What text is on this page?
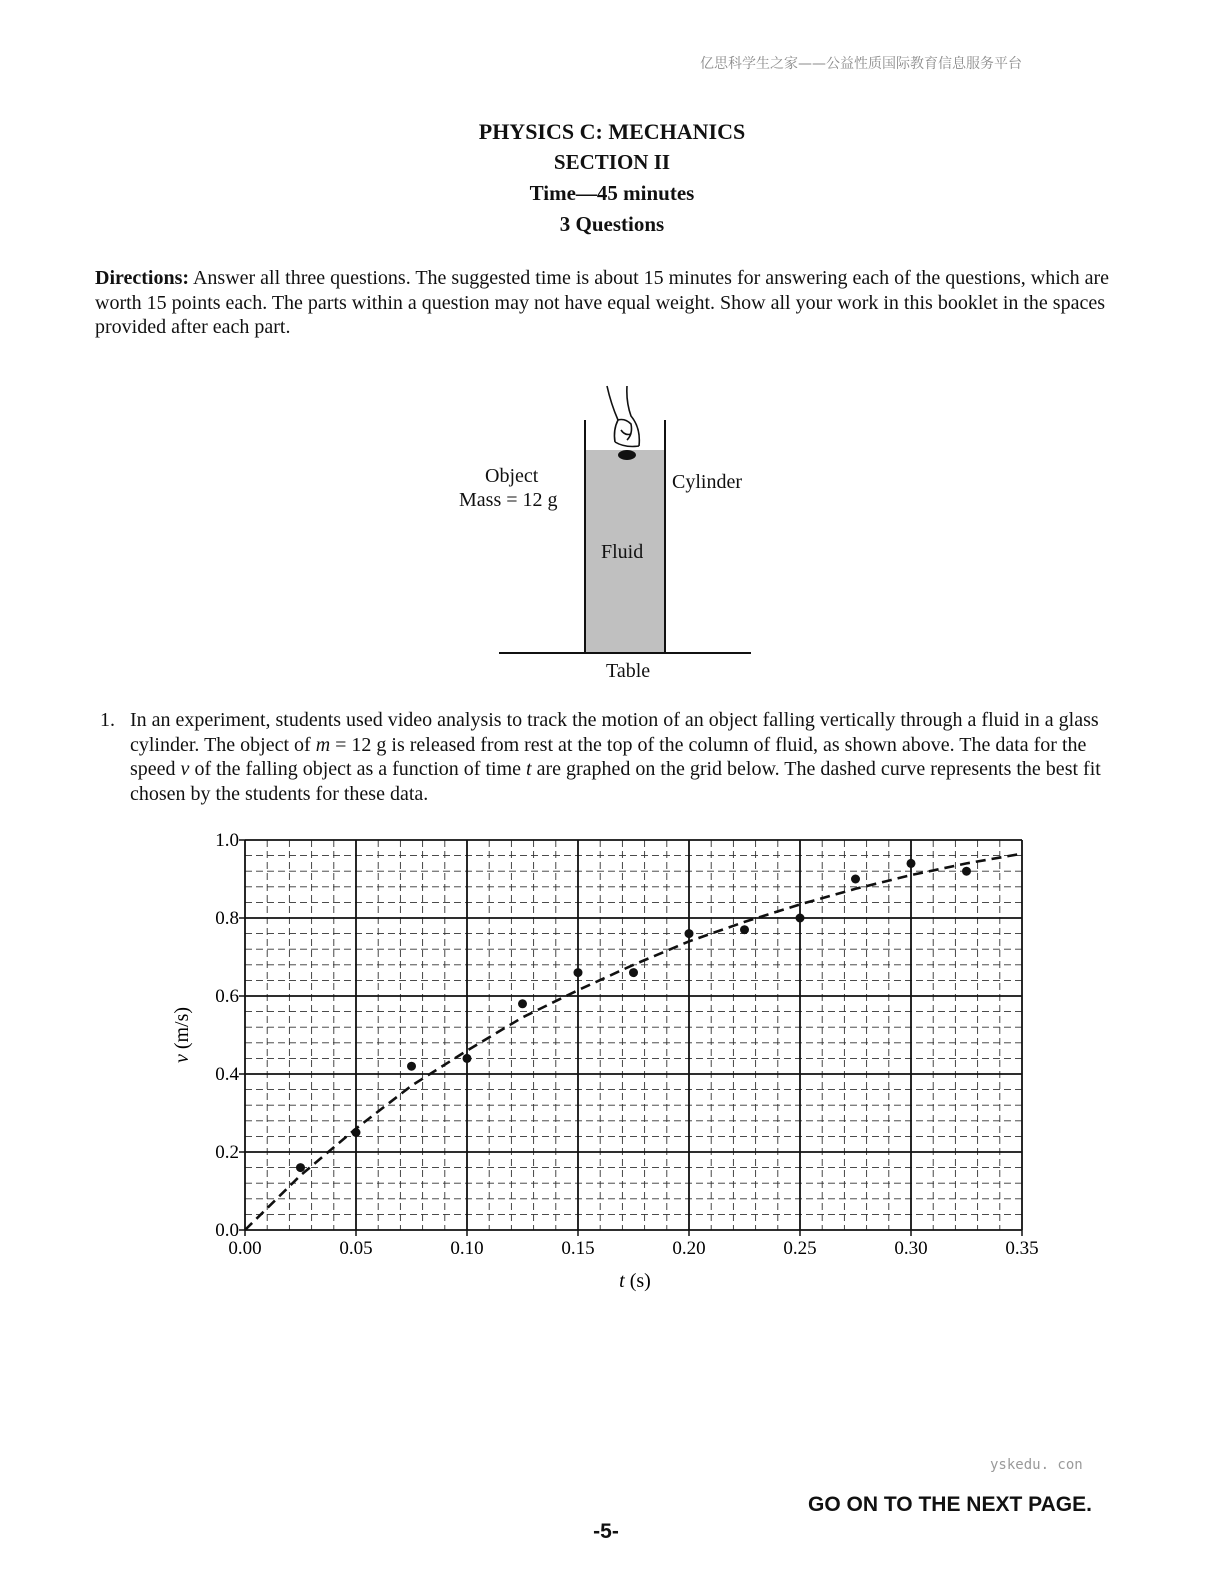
亿思科学生之家——公益性质国际教育信息服务平台
PHYSICS C: MECHANICS
SECTION II
Time—45 minutes
3 Questions
Directions: Answer all three questions. The suggested time is about 15 minutes for answering each of the questions, which are worth 15 points each. The parts within a question may not have equal weight. Show all your work in this booklet in the spaces provided after each part.
Object
Mass = 12 g
Cylinder
Fluid
Table
1. In an experiment, students used video analysis to track the motion of an object falling vertically through a fluid in a glass cylinder. The object of m = 12 g is released from rest at the top of the column of fluid, as shown above. The data for the speed v of the falling object as a function of time t are graphed on the grid below. The dashed curve represents the best fit chosen by the students for these data.
0.00	0.05	0.10	0.15	0.20	0.25	0.30	0.35
0.0
0.2
0.4
0.6
0.8
1.0
t (s)
v (m/s)
yskedu. con
GO ON TO THE NEXT PAGE.
-5-
